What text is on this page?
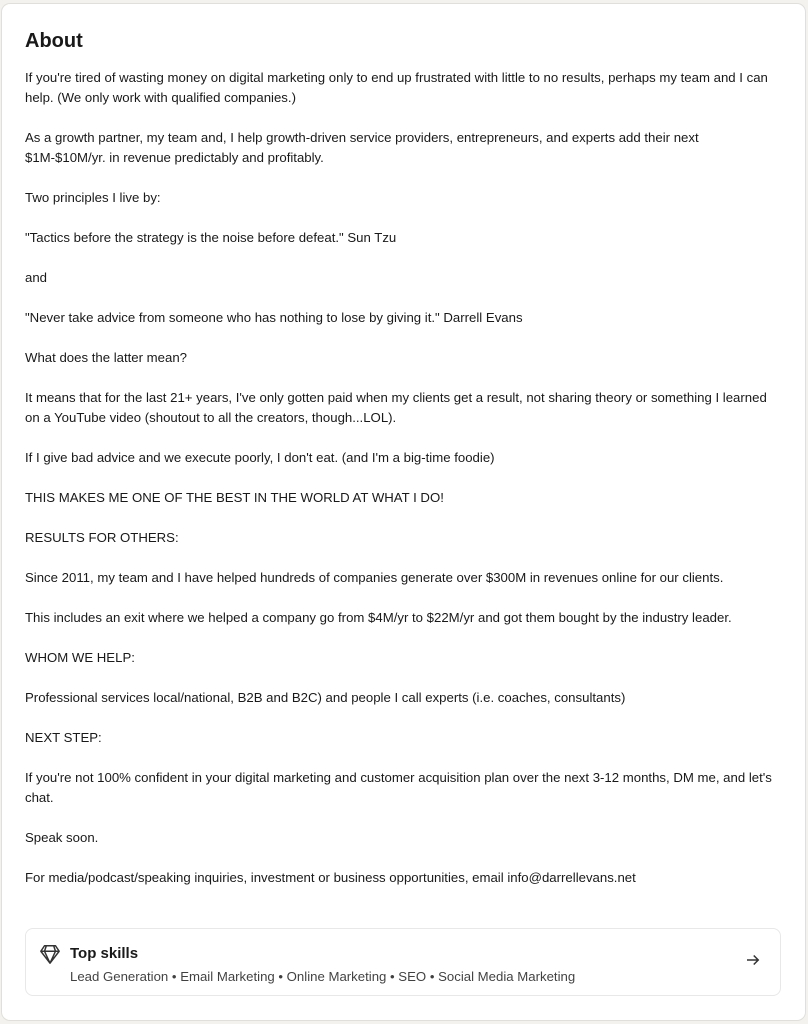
About

If you're tired of wasting money on digital marketing only to end up frustrated with little to no results, perhaps my team and I can help. (We only work with qualified companies.)

As a growth partner, my team and, I help growth-driven service providers, entrepreneurs, and experts add their next $1M-$10M/yr. in revenue predictably and profitably.

Two principles I live by:

"Tactics before the strategy is the noise before defeat." Sun Tzu

and

"Never take advice from someone who has nothing to lose by giving it." Darrell Evans

What does the latter mean?

It means that for the last 21+ years, I've only gotten paid when my clients get a result, not sharing theory or something I learned on a YouTube video (shoutout to all the creators, though...LOL).

If I give bad advice and we execute poorly, I don't eat. (and I'm a big-time foodie)

THIS MAKES ME ONE OF THE BEST IN THE WORLD AT WHAT I DO!

RESULTS FOR OTHERS:

Since 2011, my team and I have helped hundreds of companies generate over $300M in revenues online for our clients.

This includes an exit where we helped a company go from $4M/yr to $22M/yr and got them bought by the industry leader.

WHOM WE HELP:

Professional services local/national, B2B and B2C) and people I call experts (i.e. coaches, consultants)

NEXT STEP:

If you're not 100% confident in your digital marketing and customer acquisition plan over the next 3-12 months, DM me, and let's chat.

Speak soon.

For media/podcast/speaking inquiries, investment or business opportunities, email info@darrellevans.net

Top skills
Lead Generation • Email Marketing • Online Marketing • SEO • Social Media Marketing
